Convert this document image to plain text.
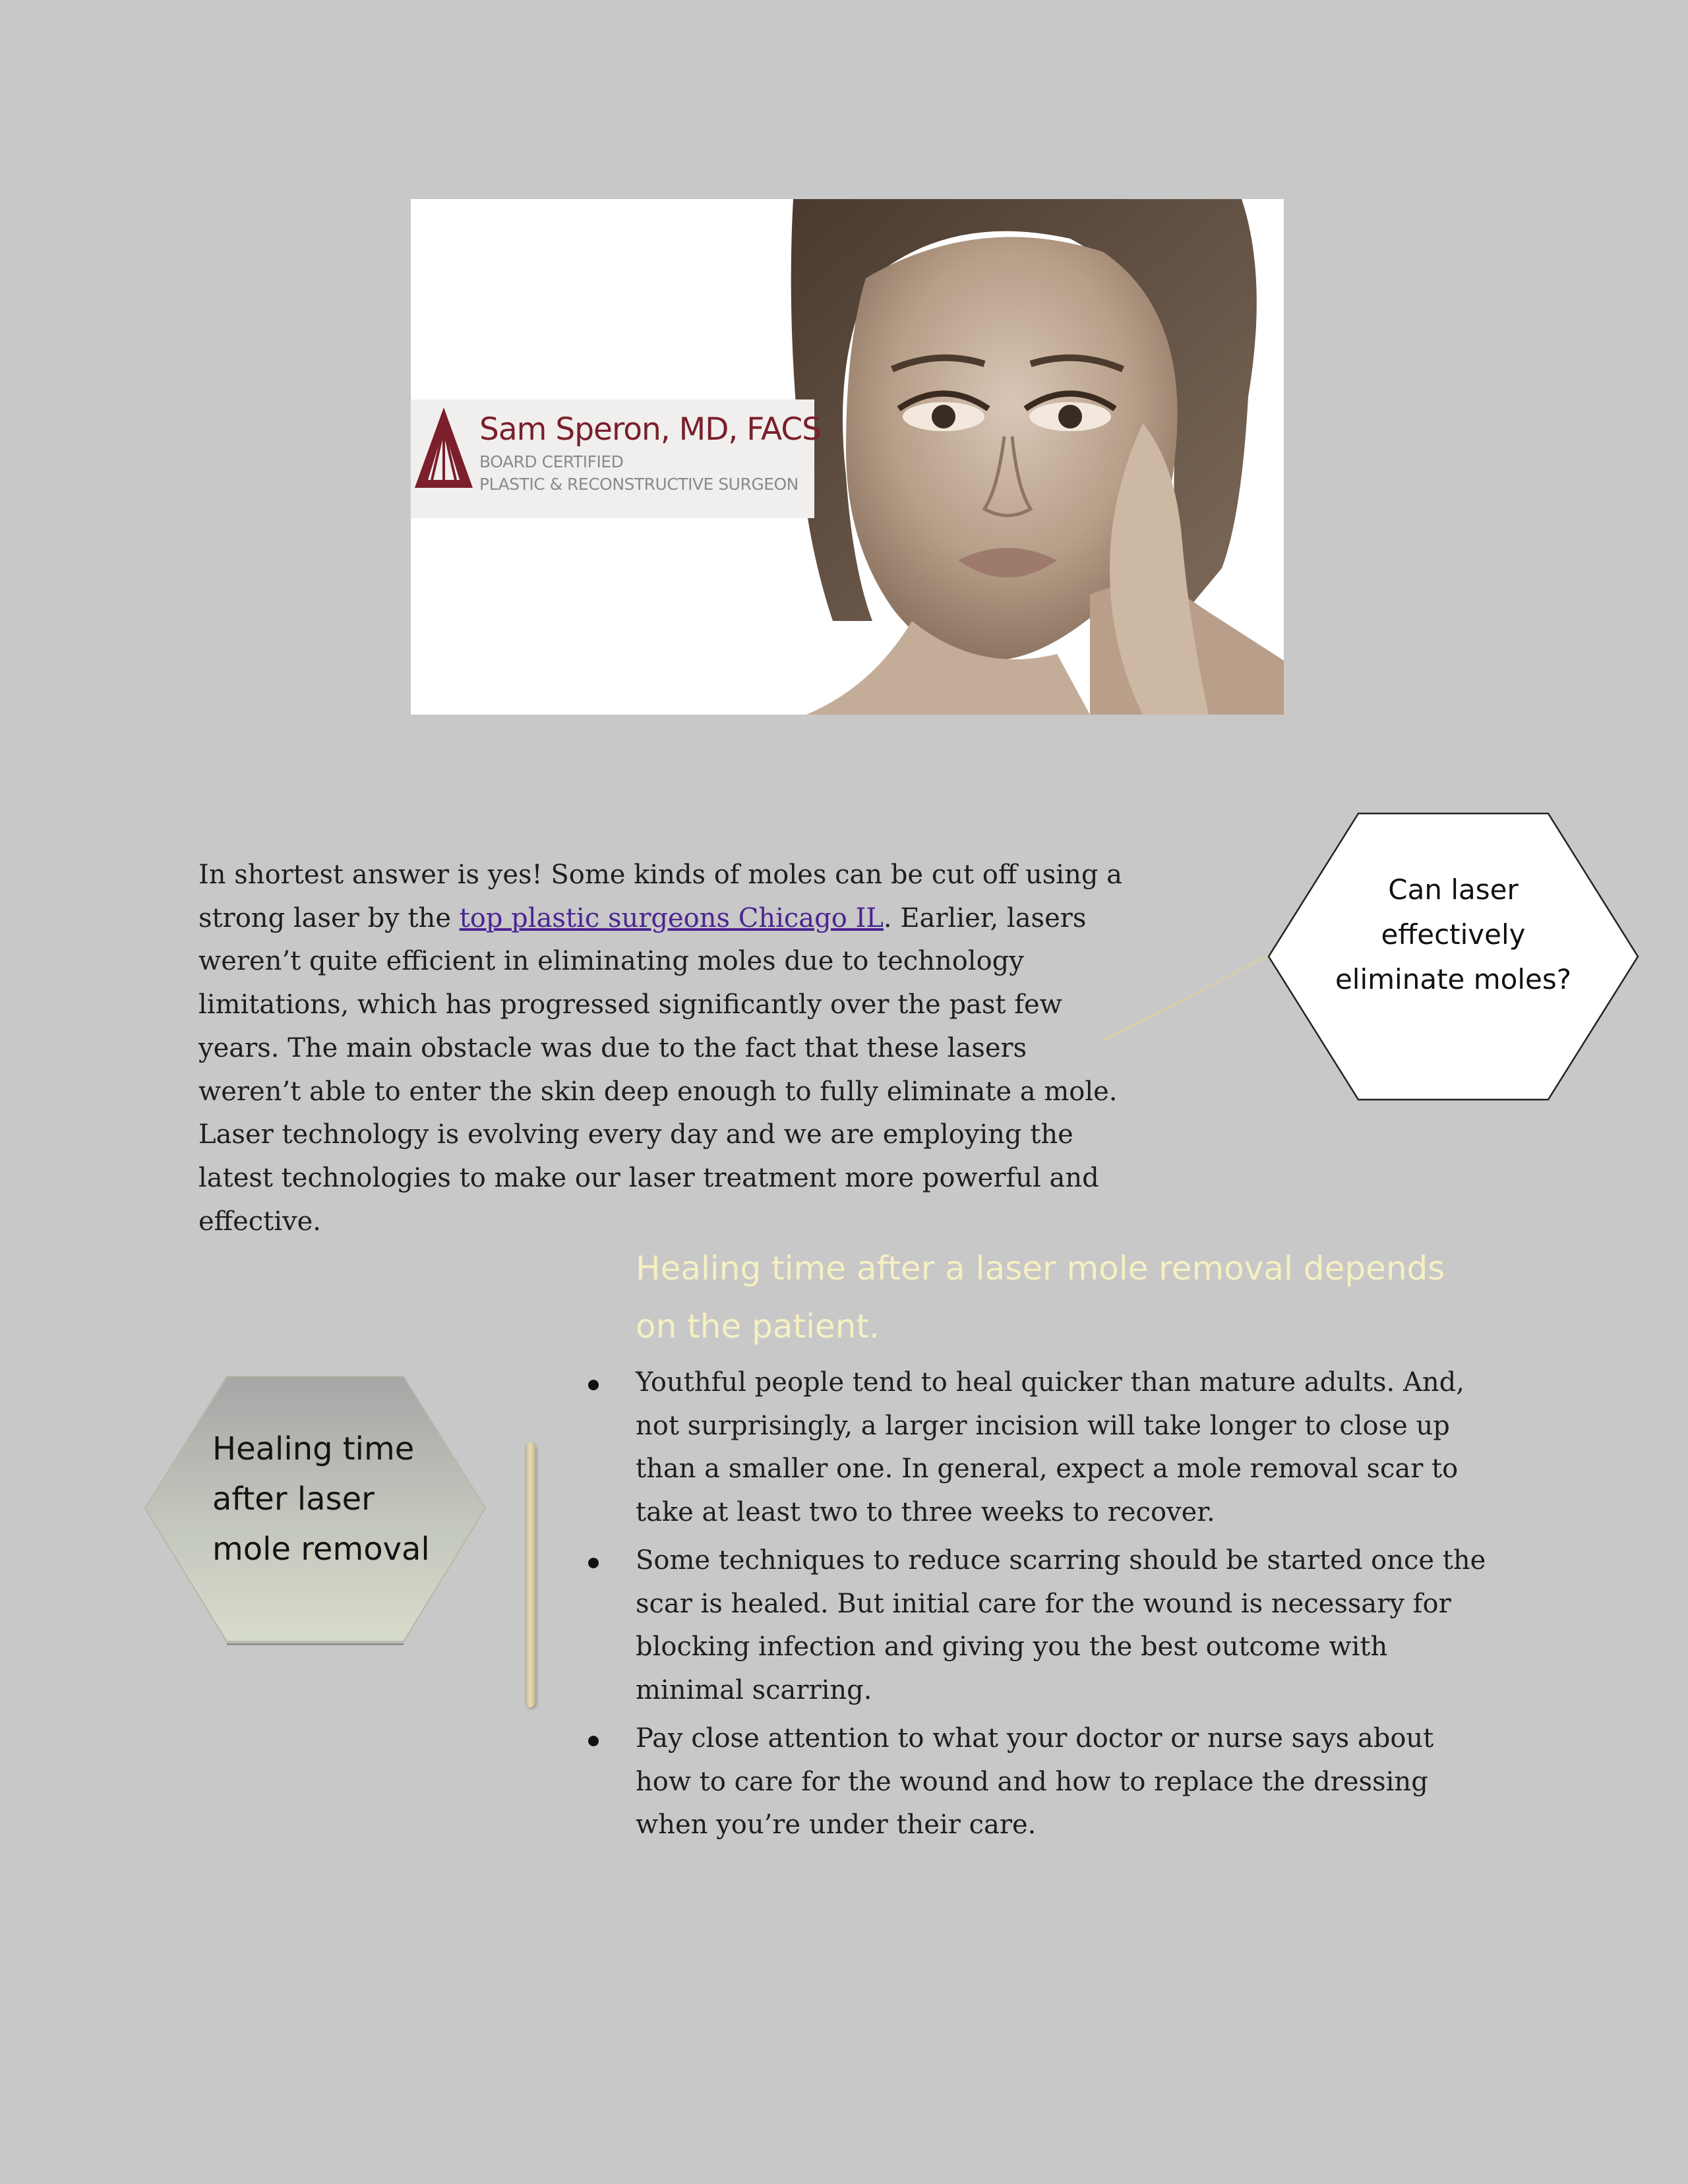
Sam Speron, MD, FACS
BOARD CERTIFIED
PLASTIC & RECONSTRUCTIVE SURGEON

In shortest answer is yes! Some kinds of moles can be cut off using a strong laser by the top plastic surgeons Chicago IL. Earlier, lasers weren’t quite efficient in eliminating moles due to technology limitations, which has progressed significantly over the past few years. The main obstacle was due to the fact that these lasers weren’t able to enter the skin deep enough to fully eliminate a mole. Laser technology is evolving every day and we are employing the latest technologies to make our laser treatment more powerful and effective.

Can laser effectively eliminate moles?
Healing time after a laser mole removal depends on the patient.
Youthful people tend to heal quicker than mature adults. And, not surprisingly, a larger incision will take longer to close up than a smaller one. In general, expect a mole removal scar to take at least two to three weeks to recover.
Some techniques to reduce scarring should be started once the scar is healed. But initial care for the wound is necessary for blocking infection and giving you the best outcome with minimal scarring.
Pay close attention to what your doctor or nurse says about how to care for the wound and how to replace the dressing when you’re under their care.
Healing time after laser mole removal
